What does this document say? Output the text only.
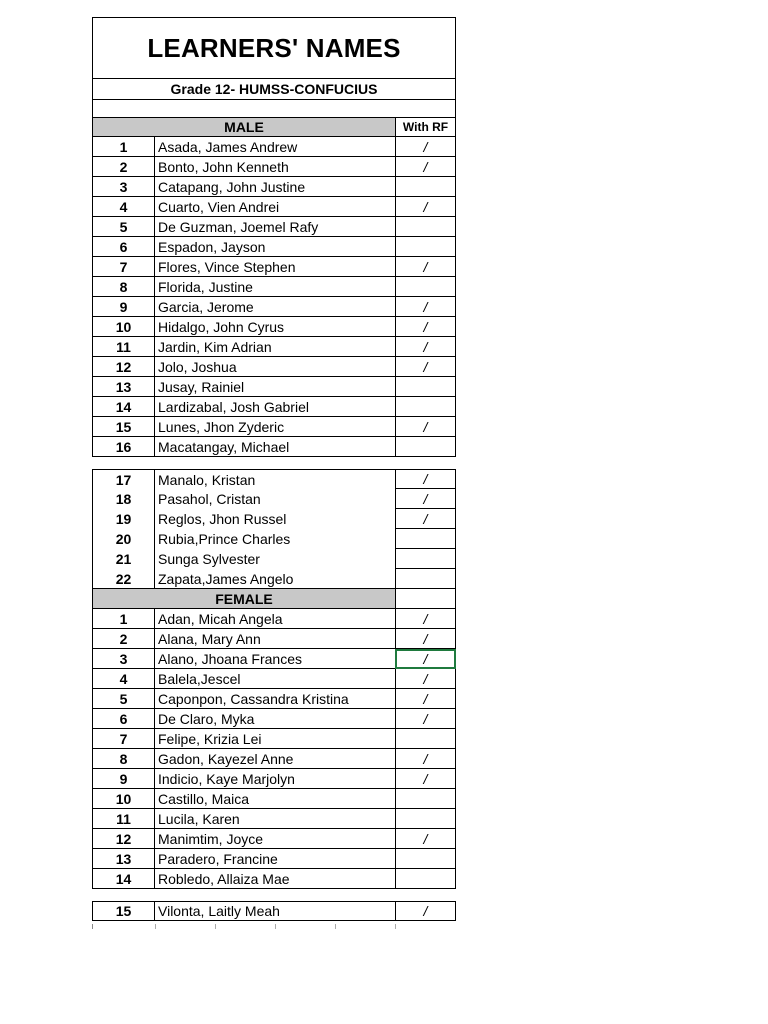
LEARNERS' NAMES
Grade 12- HUMSS-CONFUCIUS
MALE	With RF
1	Asada, James Andrew	/
2	Bonto, John Kenneth	/
3	Catapang, John Justine
4	Cuarto, Vien Andrei	/
5	De Guzman, Joemel Rafy
6	Espadon, Jayson
7	Flores, Vince Stephen	/
8	Florida, Justine
9	Garcia, Jerome	/
10	Hidalgo, John Cyrus	/
11	Jardin, Kim Adrian	/
12	Jolo, Joshua	/
13	Jusay, Rainiel
14	Lardizabal, Josh Gabriel
15	Lunes, Jhon Zyderic	/
16	Macatangay, Michael
17	Manalo, Kristan	/
18	Pasahol, Cristan	/
19	Reglos, Jhon Russel	/
20	Rubia,Prince Charles
21	Sunga Sylvester
22	Zapata,James Angelo
FEMALE
1	Adan, Micah Angela	/
2	Alana, Mary Ann	/
3	Alano, Jhoana Frances	/
4	Balela,Jescel	/
5	Caponpon, Cassandra Kristina	/
6	De Claro, Myka	/
7	Felipe, Krizia Lei
8	Gadon, Kayezel Anne	/
9	Indicio, Kaye Marjolyn	/
10	Castillo, Maica
11	Lucila, Karen
12	Manimtim, Joyce	/
13	Paradero, Francine
14	Robledo, Allaiza Mae
15	Vilonta, Laitly Meah	/
